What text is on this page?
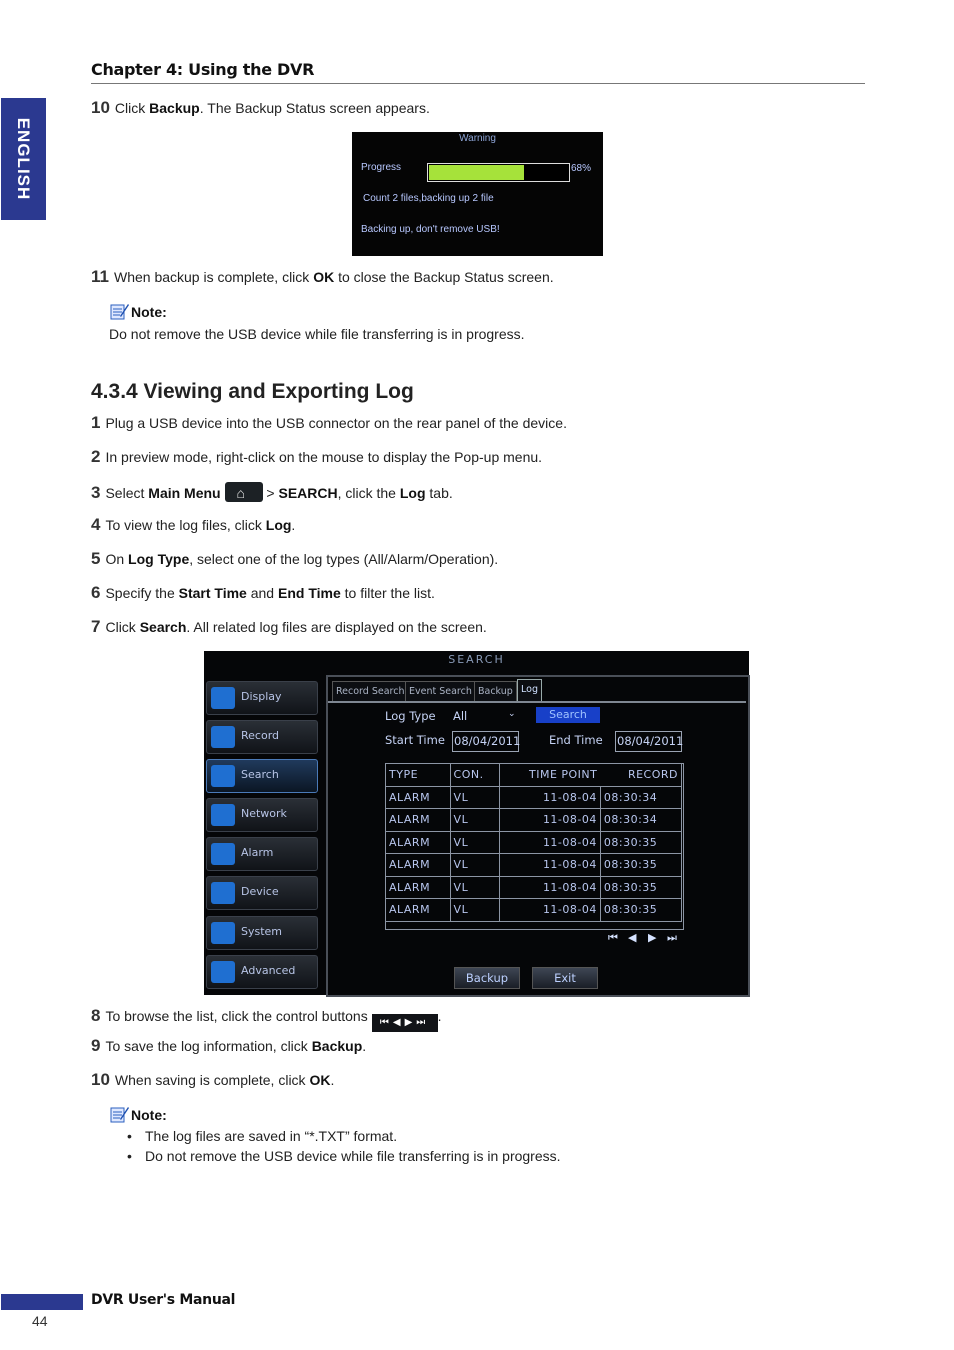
Chapter 4: Using the DVR
ENGLISH
10 Click Backup. The Backup Status screen appears.
Warning
Progress	68%
Count 2 files,backing up 2 file
Backing up, don't remove USB!
11 When backup is complete, click OK to close the Backup Status screen.
Note:
Do not remove the USB device while file transferring is in progress.
4.3.4 Viewing and Exporting Log
1 Plug a USB device into the USB connector on the rear panel of the device.
2 In preview mode, right-click on the mouse to display the Pop-up menu.
3 Select Main Menu ⌂ > SEARCH, click the Log tab.
4 To view the log files, click Log.
5 On Log Type, select one of the log types (All/Alarm/Operation).
6 Specify the Start Time and End Time to filter the list.
7 Click Search. All related log files are displayed on the screen.
SEARCH
Display
Record
Search
Network
Alarm
Device
System
Advanced
Record Search Event Search Backup Log
Log Type All	⌄	Search
Start Time 08/04/2011 End Time 08/04/2011
TYPE	CON.	TIME POINT	RECORD
ALARM	VL	11-08-04	08:30:34
ALARM	VL	11-08-04	08:30:34
ALARM	VL	11-08-04	08:30:35
ALARM	VL	11-08-04	08:30:35
ALARM	VL	11-08-04	08:30:35
ALARM	VL	11-08-04	08:30:35
⏮ ◀ ▶ ⏭
Backup	Exit
8 To browse the list, click the control buttons ⏮◀▶⏭ .
9 To save the log information, click Backup.
10 When saving is complete, click OK.
Note:
• The log files are saved in “*.TXT” format.
• Do not remove the USB device while file transferring is in progress.
DVR User's Manual
44
